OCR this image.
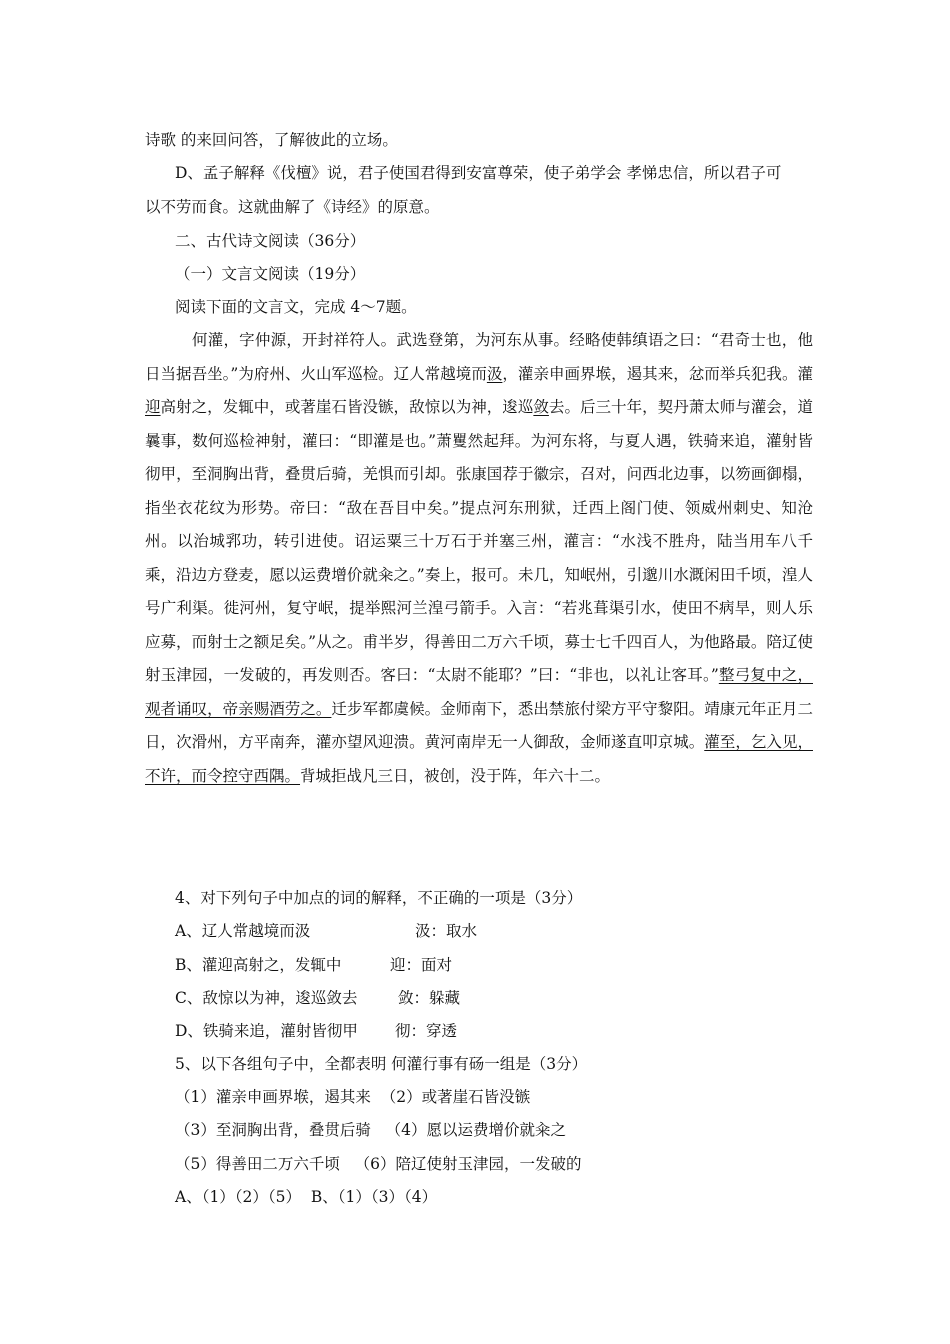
诗歌 的来回问答，了解彼此的立场。
D、孟子解释《伐檀》说，君子使国君得到安富尊荣，使子弟学会 孝悌忠信，所以君子可
以不劳而食。这就曲解了《诗经》的原意。
二、古代诗文阅读（36分）
（一）文言文阅读（19分）
阅读下面的文言文，完成 4～7题。
何灌，字仲源，开封祥符人。武选登第，为河东从事。经略使韩缜语之曰：“君奇士也，他日当据吾坐。”为府州、火山军巡检。辽人常越境而汲，灌亲申画界堠，遏其来，忿而举兵犯我。灌迎高射之，发辄中，或著崖石皆没镞，敌惊以为神，逡巡敛去。后三十年，契丹萧太师与灌会，道曩事，数何巡检神射，灌曰：“即灌是也。”萧矍然起拜。为河东将，与夏人遇，铁骑来追，灌射皆彻甲，至洞胸出背，叠贯后骑，羌惧而引却。张康国荐于徽宗，召对，问西北边事，以笏画御榻，指坐衣花纹为形势。帝曰：“敌在吾目中矣。”提点河东刑狱，迁西上阁门使、领威州刺史、知沧州。以治城郛功，转引进使。诏运粟三十万石于并塞三州，灌言：“水浅不胜舟，陆当用车八千乘，沿边方登麦，愿以运费增价就籴之。”奏上，报可。未几，知岷州，引邈川水溉闲田千顷，湟人号广利渠。徙河州，复守岷，提举熙河兰湟弓箭手。入言：“若兆葺渠引水，使田不病旱，则人乐应募，而射士之额足矣。”从之。甫半岁，得善田二万六千顷，募士七千四百人，为他路最。陪辽使射玉津园，一发破的，再发则否。客曰：“太尉不能耶？”曰：“非也，以礼让客耳。”整弓复中之，观者诵叹，帝亲赐酒劳之。迁步军都虞候。金师南下，悉出禁旅付梁方平守黎阳。靖康元年正月二日，次滑州，方平南奔，灌亦望风迎溃。黄河南岸无一人御敌，金师遂直叩京城。灌至，乞入见，不许，而令控守西隅。背城拒战凡三日，被创，没于阵，年六十二。
4、对下列句子中加点的词的解释，不正确的一项是（3分）
A、辽人常越境而汲	汲：取水
B、灌迎高射之，发辄中	迎：面对
C、敌惊以为神，逡巡敛去	敛：躲藏
D、铁骑来追，灌射皆彻甲 彻：穿透
5、以下各组句子中，全都表明 何灌行事有砀一组是（3分）
（1）灌亲申画界堠，遏其来  （2）或著崖石皆没镞
（3）至洞胸出背，叠贯后骑   （4）愿以运费增价就籴之
（5）得善田二万六千顷   （6）陪辽使射玉津园，一发破的
A、（1）（2）（5）  B、（1）（3）（4）
